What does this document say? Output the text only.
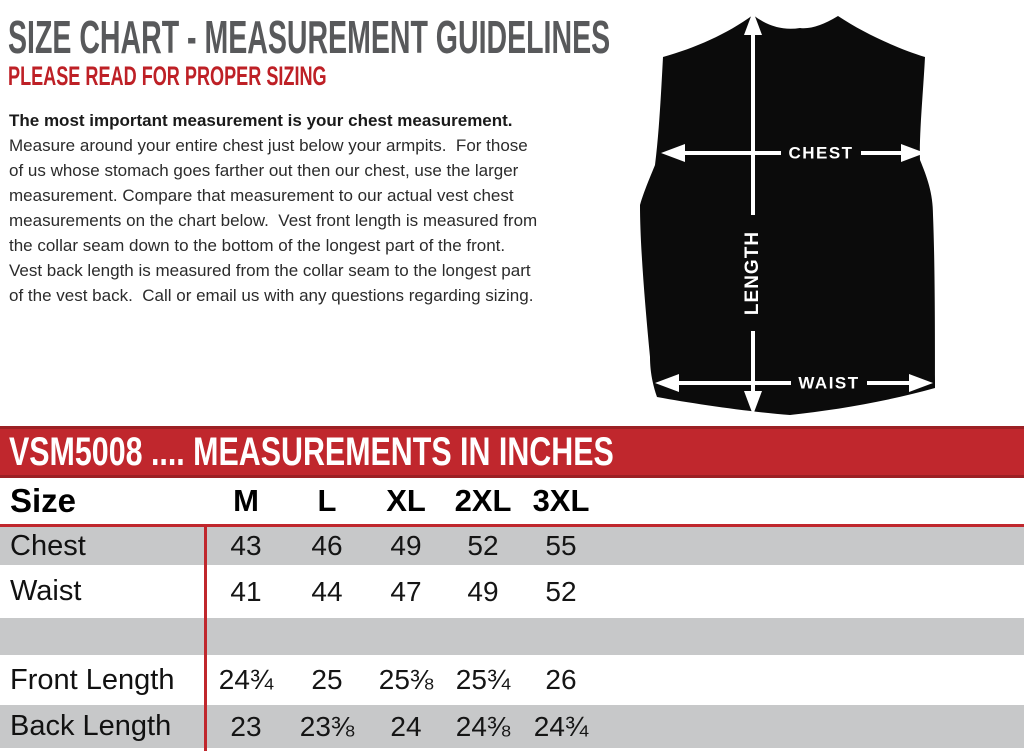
SIZE CHART - MEASUREMENT GUIDELINES
PLEASE READ FOR PROPER SIZING
The most important measurement is your chest measurement.
Measure around your entire chest just below your armpits.  For those
of us whose stomach goes farther out then our chest, use the larger
measurement. Compare that measurement to our actual vest chest
measurements on the chart below.  Vest front length is measured from
the collar seam down to the bottom of the longest part of the front.
Vest back length is measured from the collar seam to the longest part
of the vest back.  Call or email us with any questions regarding sizing.	LENGTH
CHEST
WAIST
VSM5008 .... MEASUREMENTS IN INCHES
Size	M	L	XL 2XL 3XL
Chest	43	46	49	52	55
Waist	41	44	47	49	52
Front Length	24¾	25	25⅜ 25¾	26
Back Length	23	23⅜	24	24⅜ 24¾
